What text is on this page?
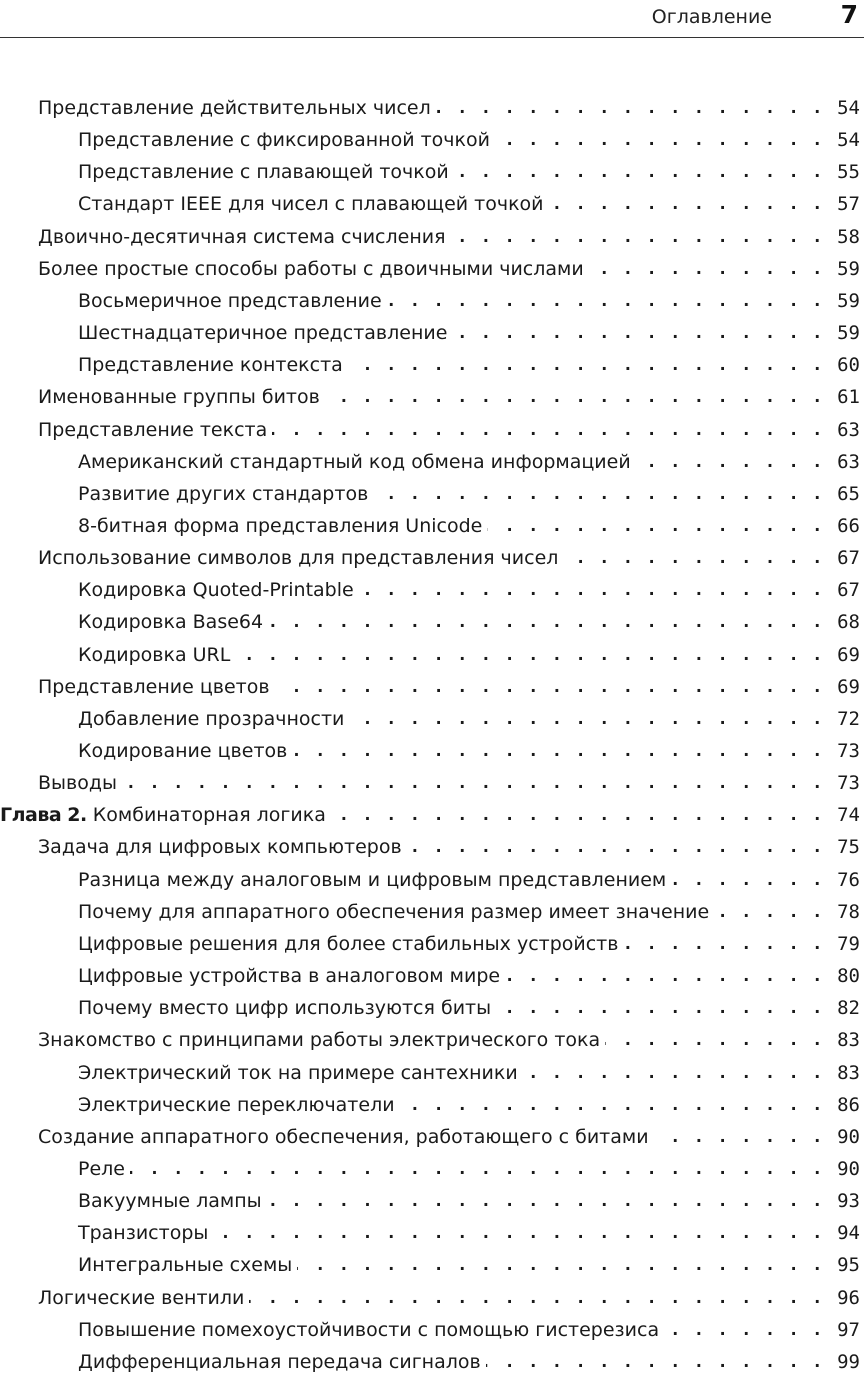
Оглавление	7
Представление действительных чисел . . .	54
Представление с фиксированной точкой . . .	54
Представление с плавающей точкой . . .	55
Стандарт IEEE для чисел с плавающей точкой . . .	57
Двоично-десятичная система счисления . . .	58
Более простые способы работы с двоичными числами . . .	59
Восьмеричное представление . . .	59
Шестнадцатеричное представление . . .	59
Представление контекста . . .	60
Именованные группы битов . . .	61
Представление текста . . .	63
Американский стандартный код обмена информацией . . .	63
Развитие других стандартов . . .	65
8-битная форма представления Unicode . . .	66
Использование символов для представления чисел . . .	67
Кодировка Quoted-Printable . . .	67
Кодировка Base64 . . .	68
Кодировка URL . . .	69
Представление цветов . . .	69
Добавление прозрачности . . .	72
Кодирование цветов . . .	73
Выводы . . .	73
Глава 2. Комбинаторная логика . . .	74
Задача для цифровых компьютеров . . .	75
Разница между аналоговым и цифровым представлением . . .	76
Почему для аппаратного обеспечения размер имеет значение . . .	78
Цифровые решения для более стабильных устройств . . .	79
Цифровые устройства в аналоговом мире . . .	80
Почему вместо цифр используются биты . . .	82
Знакомство с принципами работы электрического тока . . .	83
Электрический ток на примере сантехники . . .	83
Электрические переключатели . . .	86
Создание аппаратного обеспечения, работающего с битами . . .	90
Реле . . .	90
Вакуумные лампы . . .	93
Транзисторы . . .	94
Интегральные схемы . . .	95
Логические вентили . . .	96
Повышение помехоустойчивости с помощью гистерезиса . . .	97
Дифференциальная передача сигналов . . .	99
